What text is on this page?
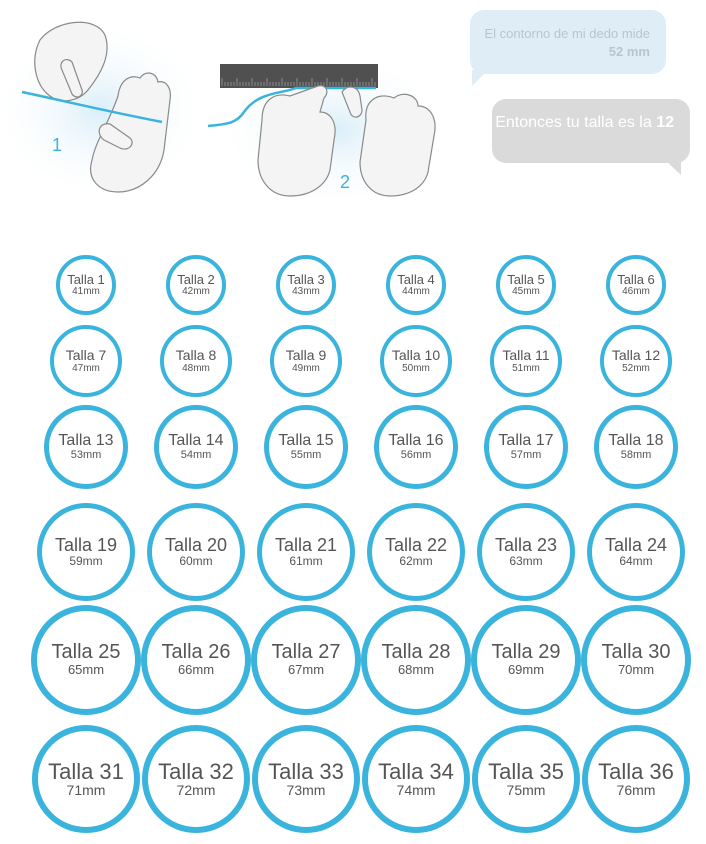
1
2
El contorno de mi dedo mide 52 mm
Entonces tu talla es la 12
Talla 1
41mm
Talla 2
42mm
Talla 3
43mm
Talla 4
44mm
Talla 5
45mm
Talla 6
46mm
Talla 7
47mm
Talla 8
48mm
Talla 9
49mm
Talla 10
50mm
Talla 11
51mm
Talla 12
52mm
Talla 13
53mm
Talla 14
54mm
Talla 15
55mm
Talla 16
56mm
Talla 17
57mm
Talla 18
58mm
Talla 19
59mm
Talla 20
60mm
Talla 21
61mm
Talla 22
62mm
Talla 23
63mm
Talla 24
64mm
Talla 25
65mm
Talla 26
66mm
Talla 27
67mm
Talla 28
68mm
Talla 29
69mm
Talla 30
70mm
Talla 31
71mm
Talla 32
72mm
Talla 33
73mm
Talla 34
74mm
Talla 35
75mm
Talla 36
76mm
